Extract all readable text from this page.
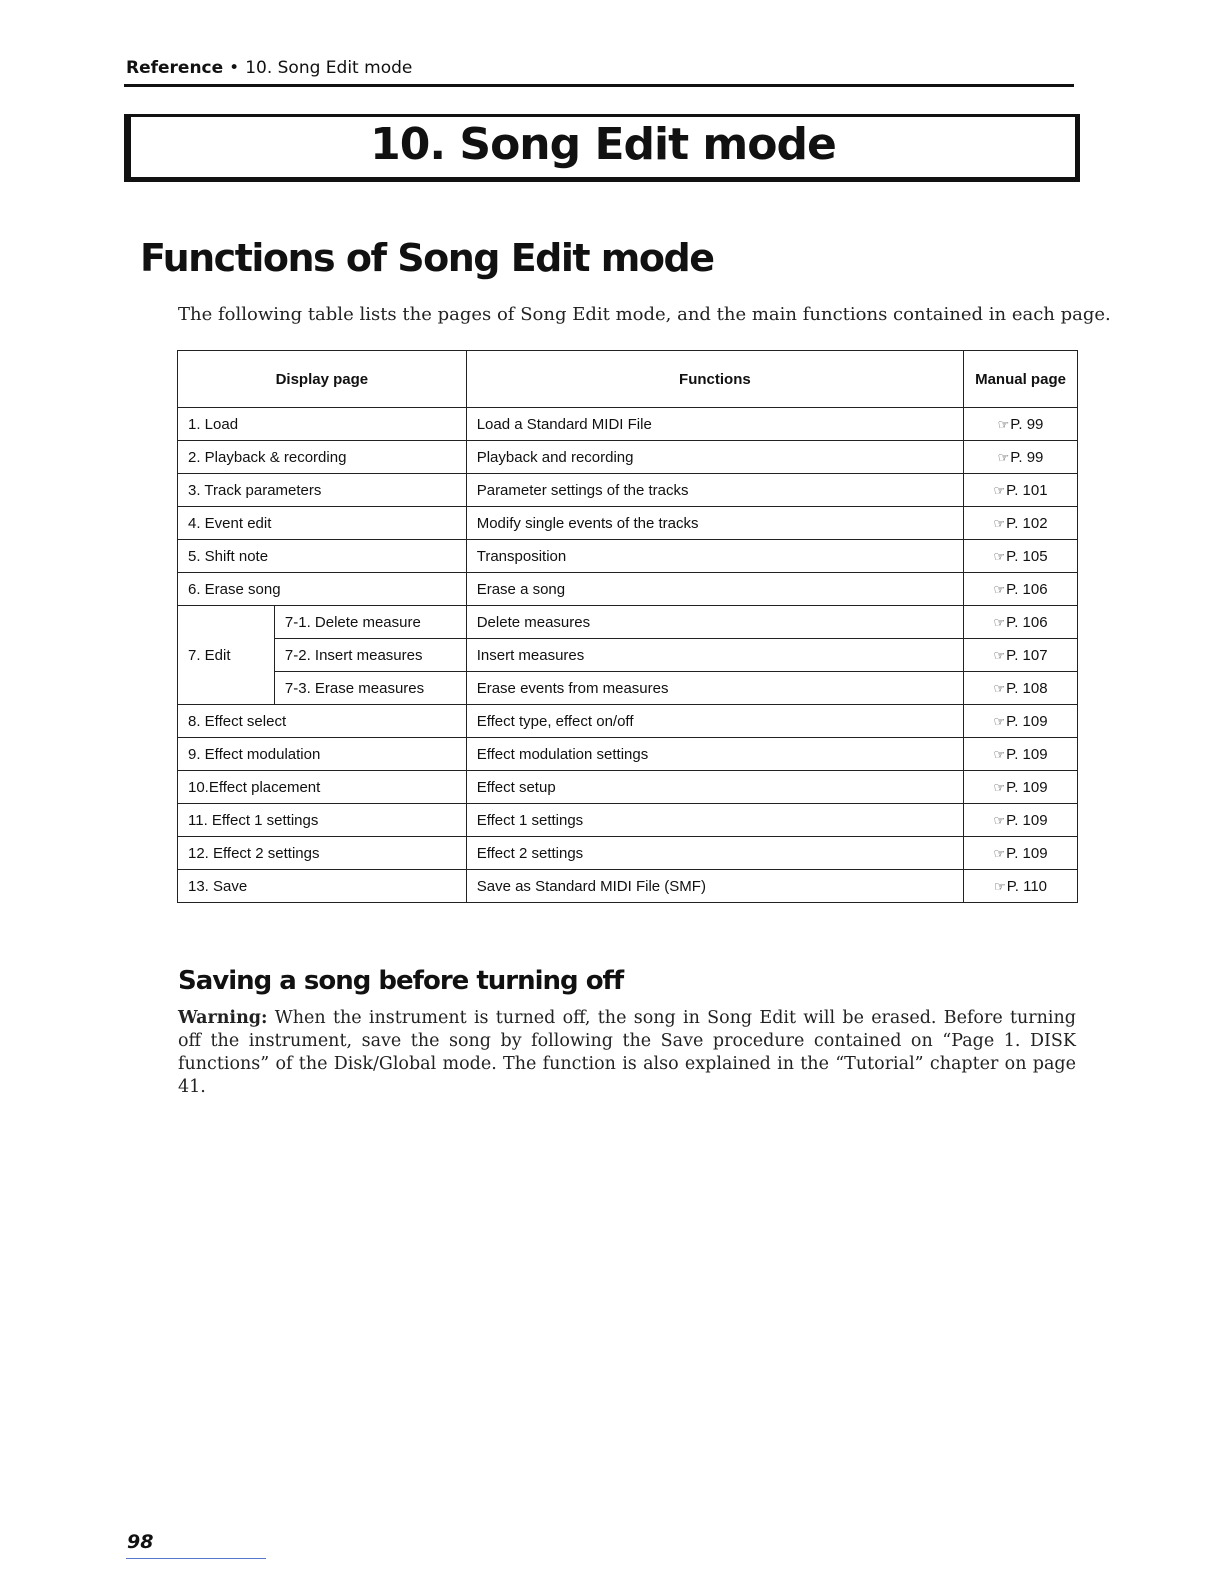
Reference • 10. Song Edit mode
10. Song Edit mode
Functions of Song Edit mode
The following table lists the pages of Song Edit mode, and the main functions contained in each page.
Display page		Functions	Manual page
1. Load		Load a Standard MIDI File	☞P. 99
2. Playback & recording		Playback and recording	☞P. 99
3. Track parameters		Parameter settings of the tracks	☞P. 101
4. Event edit		Modify single events of the tracks	☞P. 102
5. Shift note		Transposition	☞P. 105
6. Erase song		Erase a song	☞P. 106
7. Edit	7-1. Delete measure	Delete measures	☞P. 106
	7-2. Insert measures	Insert measures	☞P. 107
	7-3. Erase measures	Erase events from measures	☞P. 108
8. Effect select		Effect type, effect on/off	☞P. 109
9. Effect modulation		Effect modulation settings	☞P. 109
10.Effect placement		Effect setup	☞P. 109
11. Effect 1 settings		Effect 1 settings	☞P. 109
12. Effect 2 settings		Effect 2 settings	☞P. 109
13. Save		Save as Standard MIDI File (SMF)	☞P. 110
Saving a song before turning off
Warning: When the instrument is turned off, the song in Song Edit will be erased. Before turning off the instrument, save the song by following the Save procedure contained on “Page 1. DISK functions” of the Disk/Global mode. The function is also explained in the “Tutorial” chapter on page 41.
98
